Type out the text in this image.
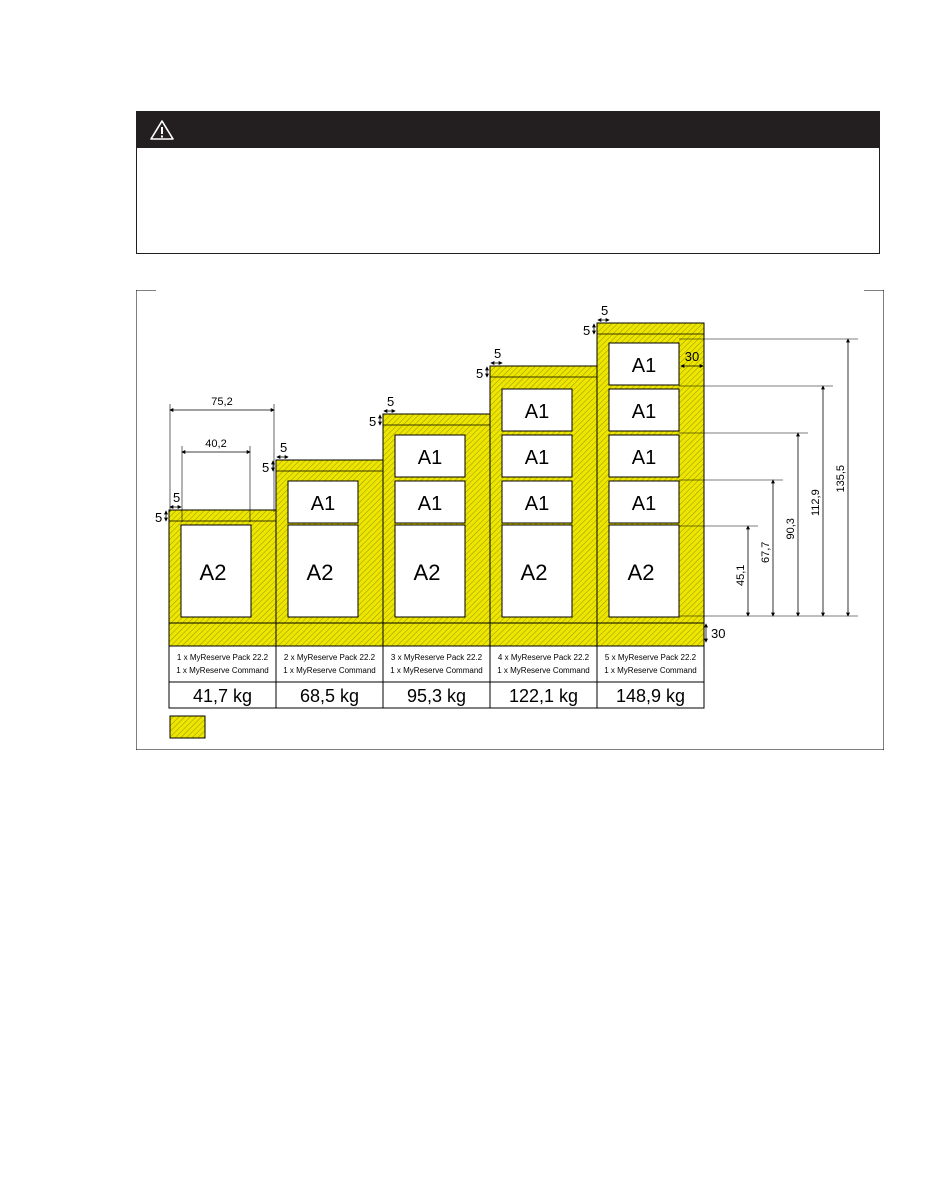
A2
5
5
1 x MyReserve Pack 22.2
1 x MyReserve Command
41,7 kg
A2
A1
5
5
2 x MyReserve Pack 22.2
1 x MyReserve Command
68,5 kg
A2
A1
A1
5
5
3 x MyReserve Pack 22.2
1 x MyReserve Command
95,3 kg
A2
A1
A1
A1
5
5
4 x MyReserve Pack 22.2
1 x MyReserve Command
122,1 kg
A2
A1
A1
A1
A1
5
5
5 x MyReserve Pack 22.2
1 x MyReserve Command
148,9 kg
75,2
40,2
30
45,1
67,7
90,3
112,9
135,5
30
